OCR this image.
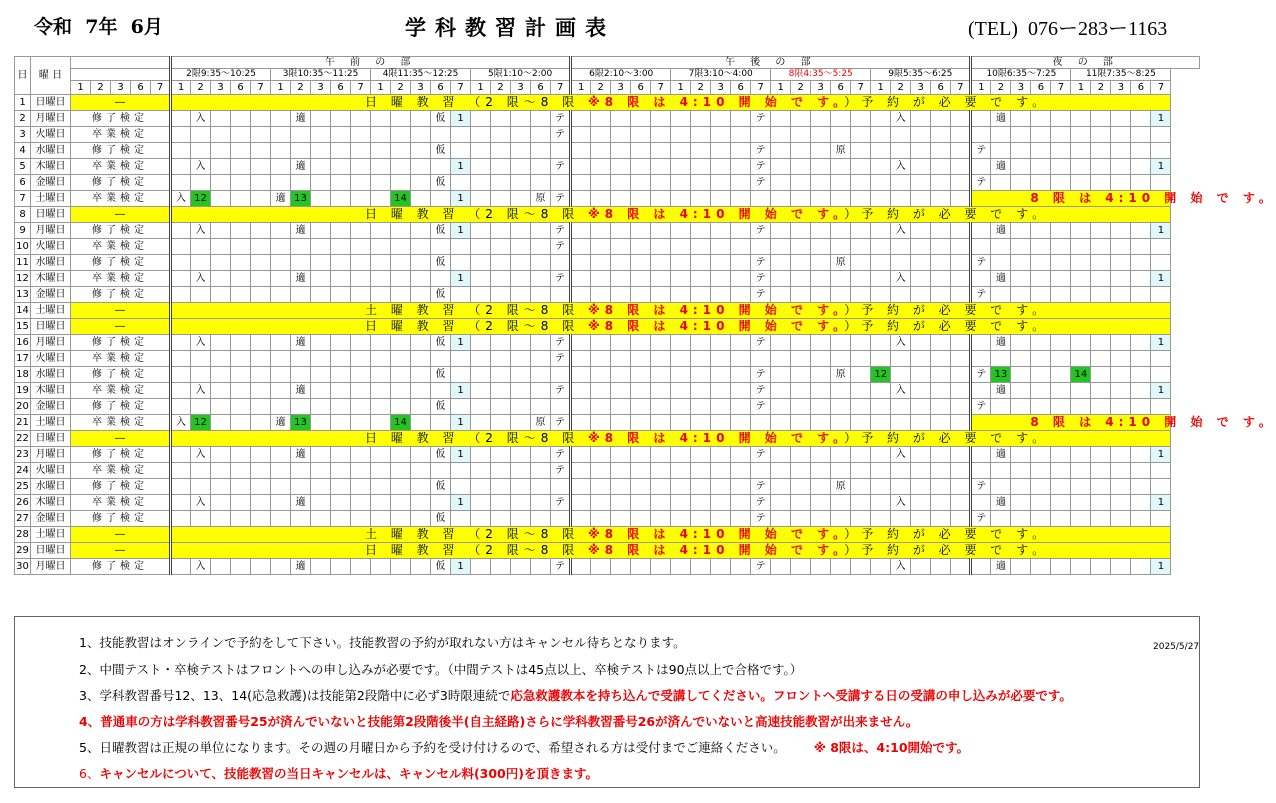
令和  7年  6月	学科教習計画表	(TEL)  076ー283ー1163
日	曜 日						午 前 の 部																				午 後 の 部																				夜 の 部									
							2限9:35～10:25					3限10:35～11:25					4限11:35～12:25					5限1:10～2:00					6限2:10～3:00					7限3:10～4:00					8限4:35～5:25					9限5:35～6:25					10限6:35～7:25					11限7:35～8:25				
		1	2	3	6	7	1	2	3	6	7	1	2	3	6	7	1	2	3	6	7	1	2	3	6	7	1	2	3	6	7	1	2	3	6	7	1	2	3	6	7	1	2	3	6	7	1	2	3	6	7	1	2	3	6	7
1	日曜日	―					日 曜 教 習 （2 限～8 限 ※8 限 は 4:10 開 始 で す。）予 約 が 必 要 で す。																																																	
2	月曜日	修了検定						入					適							仮	1					テ										テ							入					適								1
3	火曜日	卒業検定																								テ																														
4	水曜日	修了検定																		仮																テ				原							テ									
5	木曜日	卒業検定						入					適								1					テ										テ							入					適								1
6	金曜日	修了検定																		仮																テ											テ									
7	土曜日	卒業検定					入	12				適	13					14			1				原	テ																					8 限 は 4:10 開 始 で す。									
8	日曜日	―					日 曜 教 習 （2 限～8 限 ※8 限 は 4:10 開 始 で す。）予 約 が 必 要 で す。																																																	
9	月曜日	修了検定						入					適							仮	1					テ										テ							入					適								1
10	火曜日	卒業検定																								テ																														
11	水曜日	修了検定																		仮																テ				原							テ									
12	木曜日	卒業検定						入					適								1					テ										テ							入					適								1
13	金曜日	修了検定																		仮																テ											テ									
14	土曜日	―					土 曜 教 習 （2 限～8 限 ※8 限 は 4:10 開 始 で す。）予 約 が 必 要 で す。																																																	
15	日曜日	―					日 曜 教 習 （2 限～8 限 ※8 限 は 4:10 開 始 で す。）予 約 が 必 要 で す。																																																	
16	月曜日	修了検定						入					適							仮	1					テ										テ							入					適								1
17	火曜日	卒業検定																								テ																														
18	水曜日	修了検定																		仮																テ				原		12					テ	13				14				
19	木曜日	卒業検定						入					適								1					テ										テ							入					適								1
20	金曜日	修了検定																		仮																テ											テ									
21	土曜日	卒業検定					入	12				適	13					14			1				原	テ																					8 限 は 4:10 開 始 で す。									
22	日曜日	―					日 曜 教 習 （2 限～8 限 ※8 限 は 4:10 開 始 で す。）予 約 が 必 要 で す。																																																	
23	月曜日	修了検定						入					適							仮	1					テ										テ							入					適								1
24	火曜日	卒業検定																								テ																														
25	水曜日	修了検定																		仮																テ				原							テ									
26	木曜日	卒業検定						入					適								1					テ										テ							入					適								1
27	金曜日	修了検定																		仮																テ											テ									
28	土曜日	―					土 曜 教 習 （2 限～8 限 ※8 限 は 4:10 開 始 で す。）予 約 が 必 要 で す。																																																	
29	日曜日	―					日 曜 教 習 （2 限～8 限 ※8 限 は 4:10 開 始 で す。）予 約 が 必 要 で す。																																																	
30	月曜日	修了検定						入					適							仮	1					テ										テ							入					適								1
1、技能教習はオンラインで予約をして下さい。技能教習の予約が取れない方はキャンセル待ちとなります。	2025/5/27
2、中間テスト・卒検テストはフロントへの申し込みが必要です。（中間テストは45点以上、卒検テストは90点以上で合格です。）
3、学科教習番号12、13、14(応急救護)は技能第2段階中に必ず3時限連続で応急救護教本を持ち込んで受講してください。フロントへ受講する日の受講の申し込みが必要です。
4、普通車の方は学科教習番号25が済んでいないと技能第2段階後半(自主経路)さらに学科教習番号26が済んでいないと高速技能教習が出来ません。
5、日曜教習は正規の単位になります。その週の月曜日から予約を受け付けるので、希望される方は受付までご連絡ください。 ※ 8限は、4:10開始です。
6、キャンセルについて、技能教習の当日キャンセルは、キャンセル料(300円)を頂きます。
